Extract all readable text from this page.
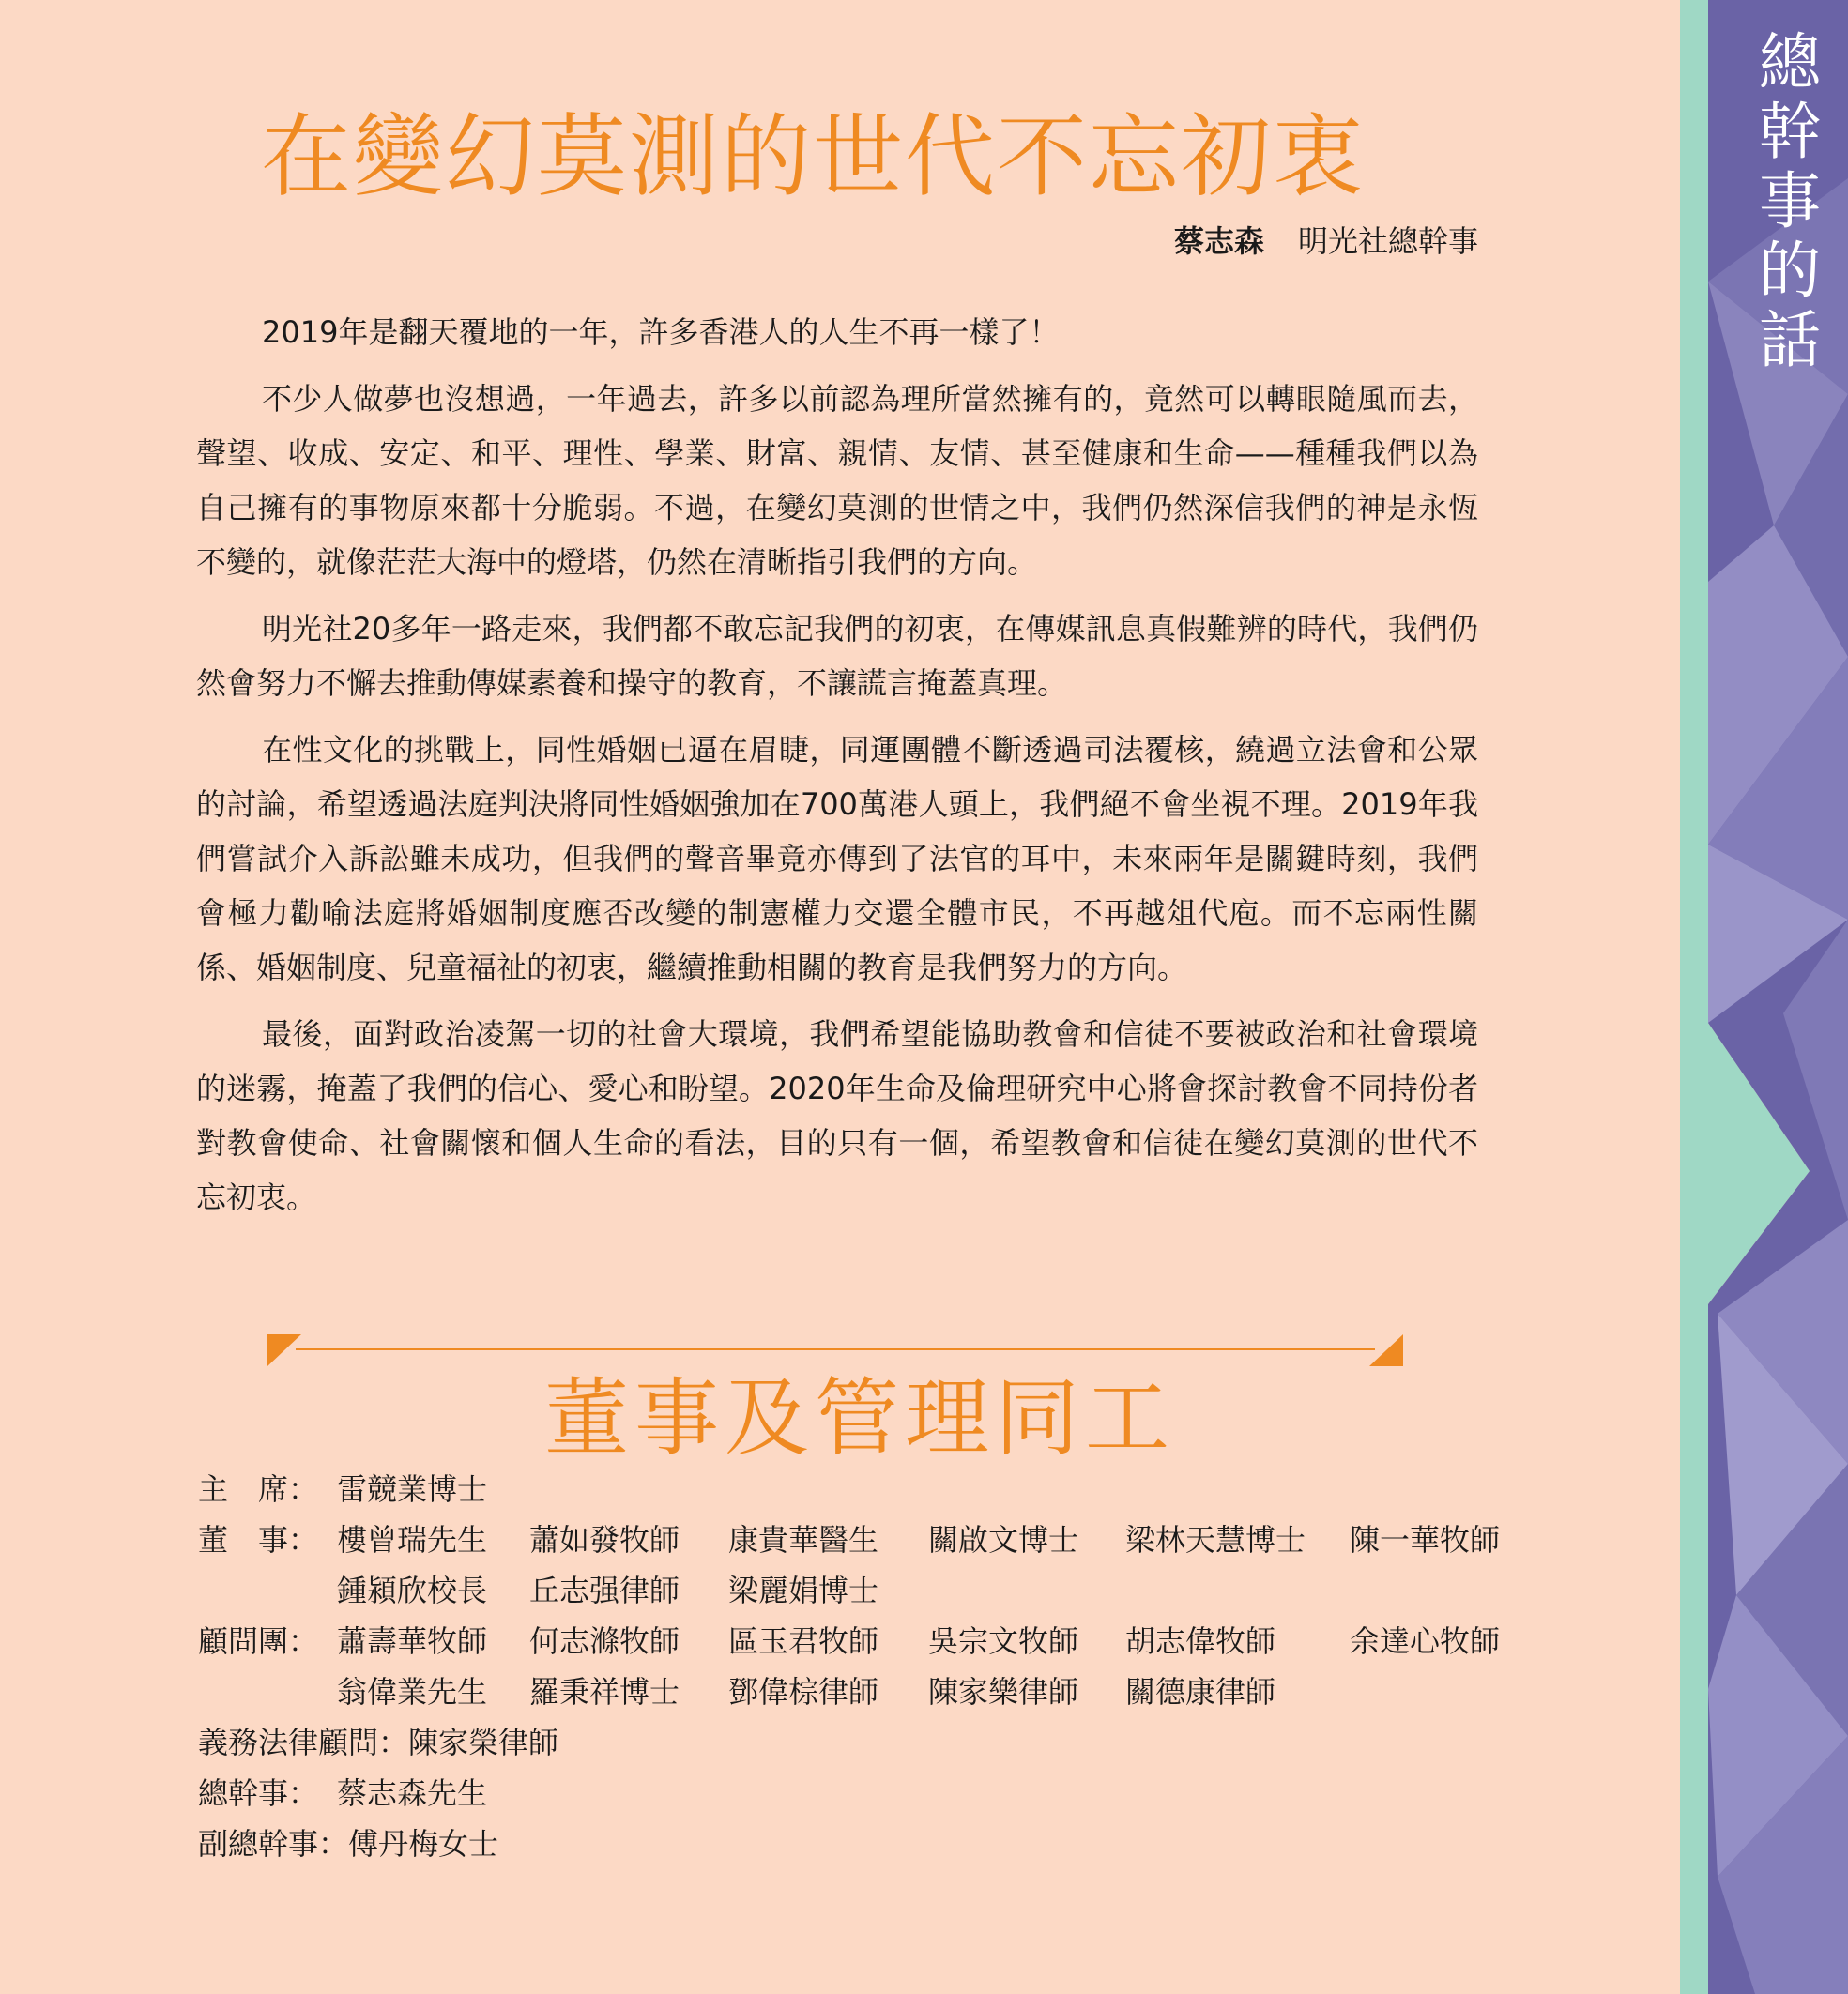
總
幹
事
的
話
在變幻莫測的世代不忘初衷
蔡志森 明光社總幹事

2019年是翻天覆地的一年，許多香港人的人生不再一樣了！

不少人做夢也沒想過，一年過去，許多以前認為理所當然擁有的，竟然可以轉眼隨風而去，聲望、收成、安定、和平、理性、學業、財富、親情、友情、甚至健康和生命——種種我們以為自己擁有的事物原來都十分脆弱。不過，在變幻莫測的世情之中，我們仍然深信我們的神是永恆不變的，就像茫茫大海中的燈塔，仍然在清晰指引我們的方向。

明光社20多年一路走來，我們都不敢忘記我們的初衷，在傳媒訊息真假難辨的時代，我們仍然會努力不懈去推動傳媒素養和操守的教育，不讓謊言掩蓋真理。

在性文化的挑戰上，同性婚姻已逼在眉睫，同運團體不斷透過司法覆核，繞過立法會和公眾的討論，希望透過法庭判決將同性婚姻強加在700萬港人頭上，我們絕不會坐視不理。2019年我們嘗試介入訴訟雖未成功，但我們的聲音畢竟亦傳到了法官的耳中，未來兩年是關鍵時刻，我們會極力勸喻法庭將婚姻制度應否改變的制憲權力交還全體市民，不再越俎代庖。而不忘兩性關係、婚姻制度、兒童福祉的初衷，繼續推動相關的教育是我們努力的方向。

最後，面對政治凌駕一切的社會大環境，我們希望能協助教會和信徒不要被政治和社會環境的迷霧，掩蓋了我們的信心、愛心和盼望。2020年生命及倫理研究中心將會探討教會不同持份者對教會使命、社會關懷和個人生命的看法，目的只有一個，希望教會和信徒在變幻莫測的世代不忘初衷。

董事及管理同工
主　席： 雷競業博士
董　事： 樓曾瑞先生 蕭如發牧師 康貴華醫生 關啟文博士 梁林天慧博士 陳一華牧師
鍾潁欣校長 丘志强律師 梁麗娟博士
顧問團： 蕭壽華牧師 何志滌牧師 區玉君牧師 吳宗文牧師 胡志偉牧師 余達心牧師
翁偉業先生 羅秉祥博士 鄧偉棕律師 陳家樂律師 關德康律師
義務法律顧問：陳家榮律師
總幹事： 蔡志森先生
副總幹事：傅丹梅女士
